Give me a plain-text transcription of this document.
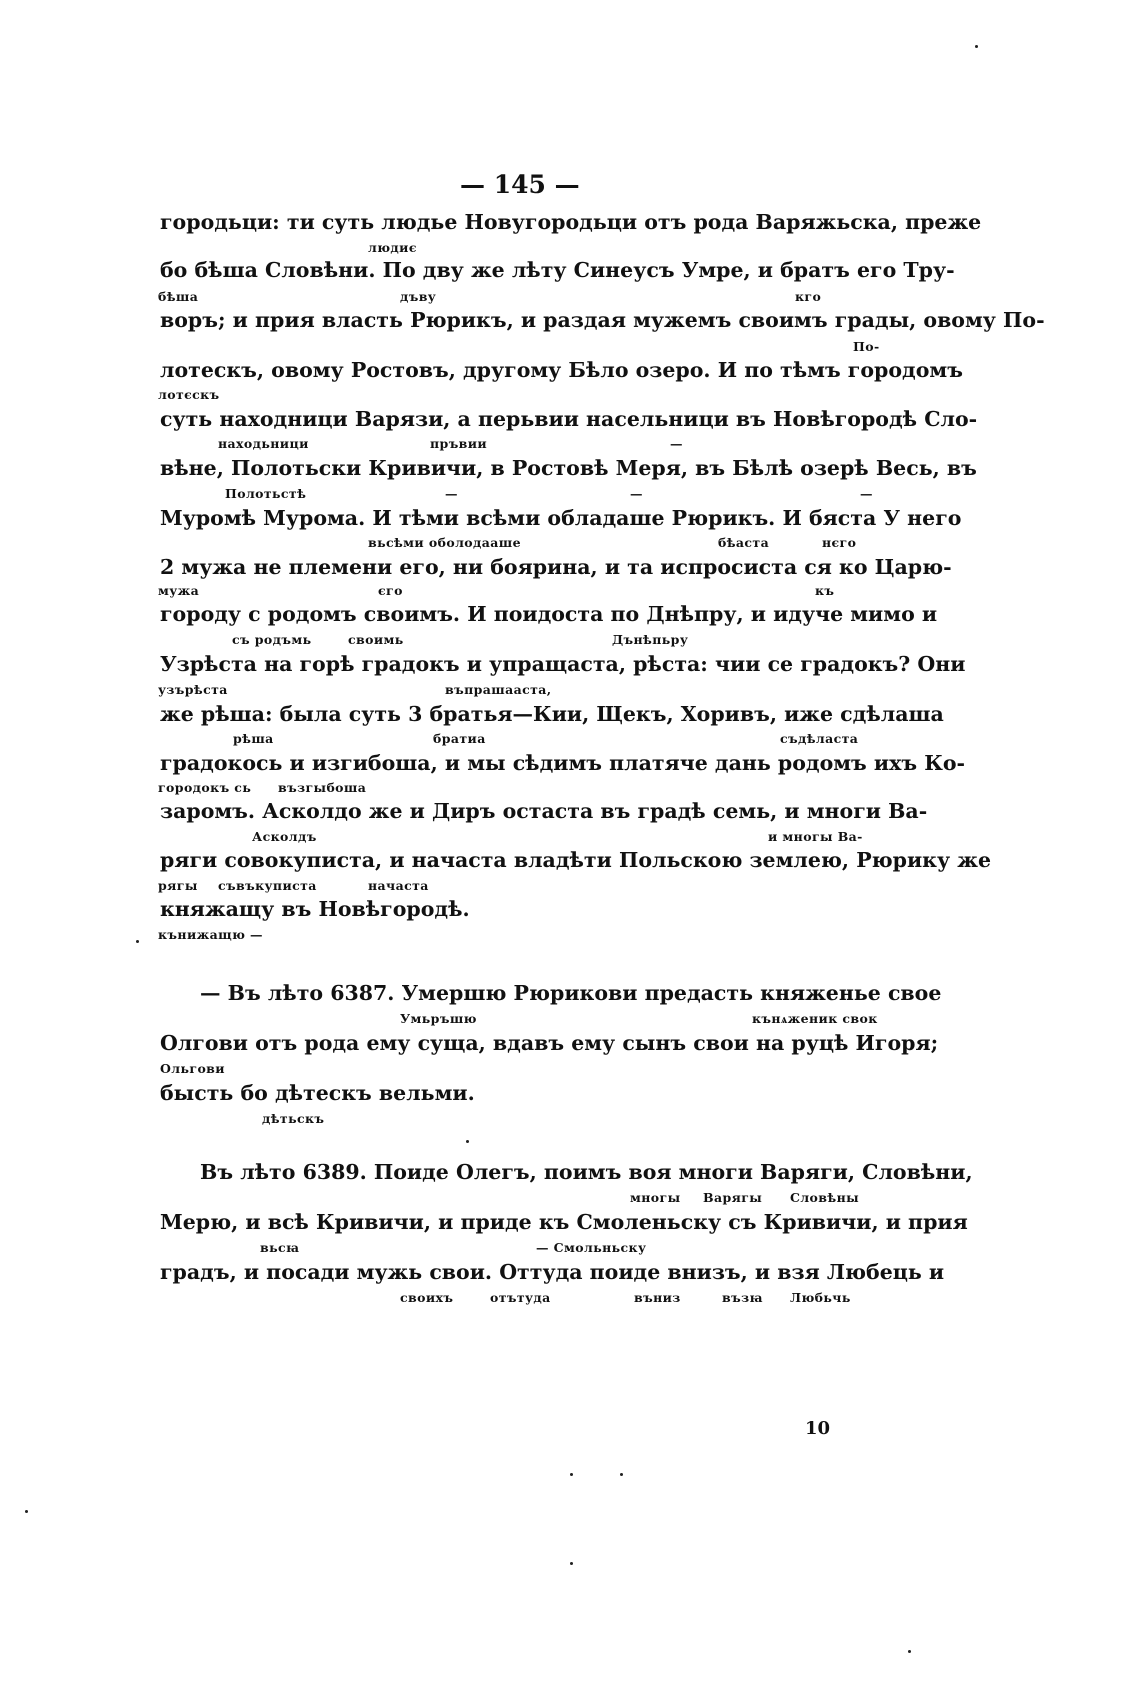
— 145 —
городьци: ти суть людье Новугородьци отъ рода Варяжьска, преже
бо бѣша Словѣни. По дву же лѣту Синеусъ Умре, и братъ его Тру-
воръ; и прия власть Рюрикъ, и раздая мужемъ своимъ грады, овому По-
лотескъ, овому Ростовъ, другому Бѣло озеро. И по тѣмъ городомъ
суть находници Варязи, а перьвии насельници въ Новѣгородѣ Сло-
вѣне, Полотьски Кривичи, в Ростовѣ Меря, въ Бѣлѣ озерѣ Весь, въ
Муромѣ Мурома. И тѣми всѣми обладаше Рюрикъ. И бяста У него
2 мужа не племени его, ни боярина, и та испросиста ся ко Царю-
городу с родомъ своимъ. И поидоста по Днѣпру, и идуче мимо и
Узрѣста на горѣ градокъ и упращаста, рѣста: чии се градокъ? Они
же рѣша: была суть 3 братья—Кии, Щекъ, Хоривъ, иже сдѣлаша
градокось и изгибоша, и мы сѣдимъ платяче дань родомъ ихъ Ко-
заромъ. Асколдо же и Диръ остаста въ градѣ семь, и многи Ва-
ряги совокуписта, и начаста владѣти Польскою землею, Рюрику же
княжащу въ Новѣгородѣ.
— Въ лѣто 6387. Умершю Рюрикови предасть княженье свое
Олгови отъ рода ему суща, вдавъ ему сынъ свои на руцѣ Игоря;
бысть бо дѣтескъ вельми.
Въ лѣто 6389. Поиде Олегъ, поимъ воя многи Варяги, Словѣни,
Мерю, и всѣ Кривичи, и приде къ Смоленьску съ Кривичи, и прия
градъ, и посади мужь свои. Оттуда поиде внизъ, и взя Любець и
людиє
бѣша	дъву	кго
По-
лотєскъ
находьници	пръвии	—
Полотьстѣ	—	—	—
вьсѣми оболодааше	бѣаста	нєго
мужа	єго	къ
съ родъмь	своимь	Дънѣпьру
узърѣста	въпрашааста,
рѣша	братиа	съдѣласта
городокъ сь възгыбоша
Асколдъ	и многы Ва-
рягы съвъкуписта	начаста
кънижащю —
Умьръшю	кънѧженик свок
Ольгови
дѣтьскъ
многы Варягы Словѣны
вьсꙗ	— Смольньску
своихъ	отътуда	въниз	възꙗ Любьчь
10
